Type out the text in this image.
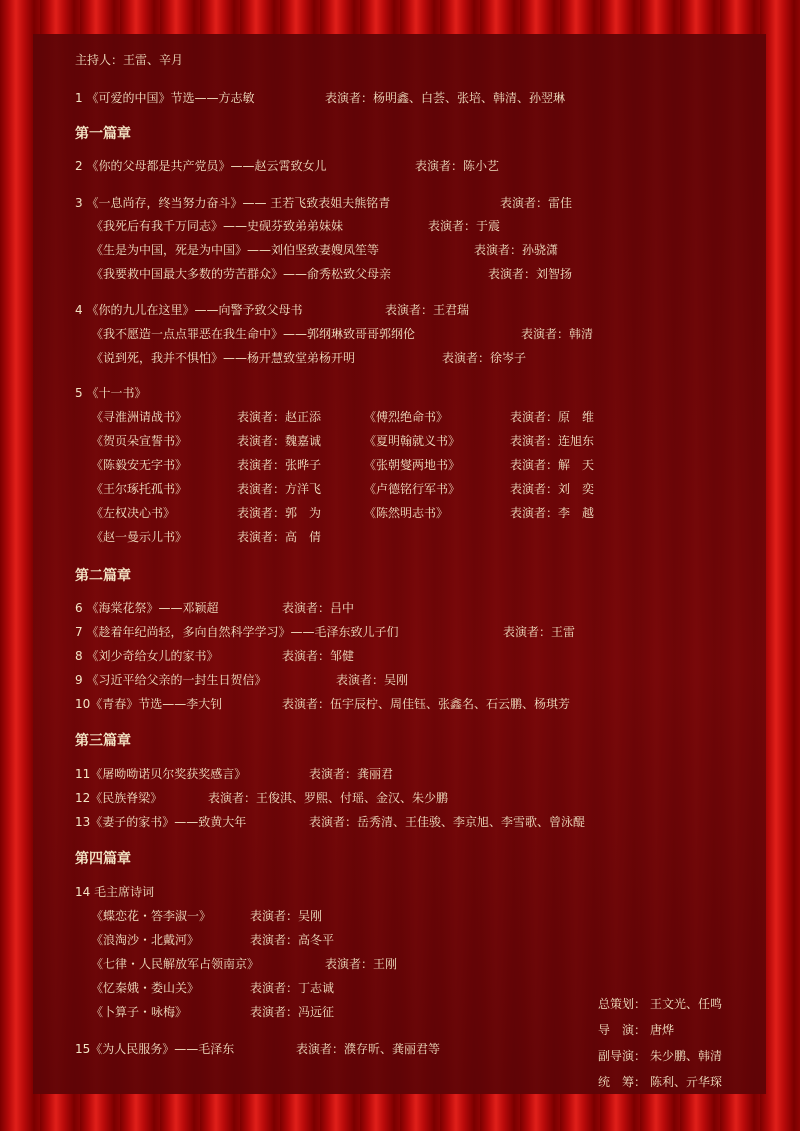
主持人：王雷、辛月
1 《可爱的中国》节选——方志敏	表演者：杨明鑫、白荟、张培、韩清、孙翌琳
第一篇章
2 《你的父母都是共产党员》——赵云霄致女儿	表演者：陈小艺
3 《一息尚存，终当努力奋斗》—— 王若飞致表姐夫熊铭青	表演者：雷佳
《我死后有我千万同志》——史砚芬致弟弟妹妹	表演者：于震
《生是为中国，死是为中国》——刘伯坚致妻嫂凤笙等	表演者：孙骁潇
《我要救中国最大多数的劳苦群众》——俞秀松致父母亲	表演者：刘智扬
4 《你的九儿在这里》——向警予致父母书	表演者：王君瑞
《我不愿造一点点罪恶在我生命中》——郭纲琳致哥哥郭纲伦	表演者：韩清
《说到死，我并不惧怕》——杨开慧致堂弟杨开明	表演者：徐岑子
5 《十一书》
《寻淮洲请战书》	表演者：赵正添	《傅烈绝命书》	表演者：原　维
《贺页朵宣誓书》	表演者：魏嘉诚	《夏明翰就义书》	表演者：连旭东
《陈毅安无字书》	表演者：张晔子	《张朝燮两地书》	表演者：解　天
《王尔琢托孤书》	表演者：方洋飞	《卢德铭行军书》	表演者：刘　奕
《左权决心书》	表演者：郭　为	《陈然明志书》	表演者：李　越
《赵一曼示儿书》	表演者：高　倩
第二篇章
6 《海棠花祭》——邓颖超	表演者：吕中
7 《趁着年纪尚轻，多向自然科学学习》——毛泽东致儿子们	表演者：王雷
8 《刘少奇给女儿的家书》	表演者：邹健
9 《习近平给父亲的一封生日贺信》	表演者：吴刚
10《青春》节选——李大钊	表演者：伍宇辰柠、周佳钰、张鑫名、石云鹏、杨琪芳
第三篇章
11《屠呦呦诺贝尔奖获奖感言》	表演者：龚丽君
12《民族脊梁》	表演者：王俊淇、罗熙、付瑶、金汉、朱少鹏
13《妻子的家书》——致黄大年	表演者：岳秀清、王佳骏、李京旭、李雪歌、曾泳醍
第四篇章
14 毛主席诗词
《蝶恋花・答李淑一》	表演者：吴刚
《浪淘沙・北戴河》	表演者：高冬平
《七律・人民解放军占领南京》	表演者：王刚
《忆秦娥・娄山关》	表演者：丁志诚
《卜算子・咏梅》	表演者：冯远征
15《为人民服务》——毛泽东	表演者：濮存昕、龚丽君等
总策划： 王文光、任鸣
导　演： 唐烨
副导演： 朱少鹏、韩清
统　筹： 陈利、亓华琛
